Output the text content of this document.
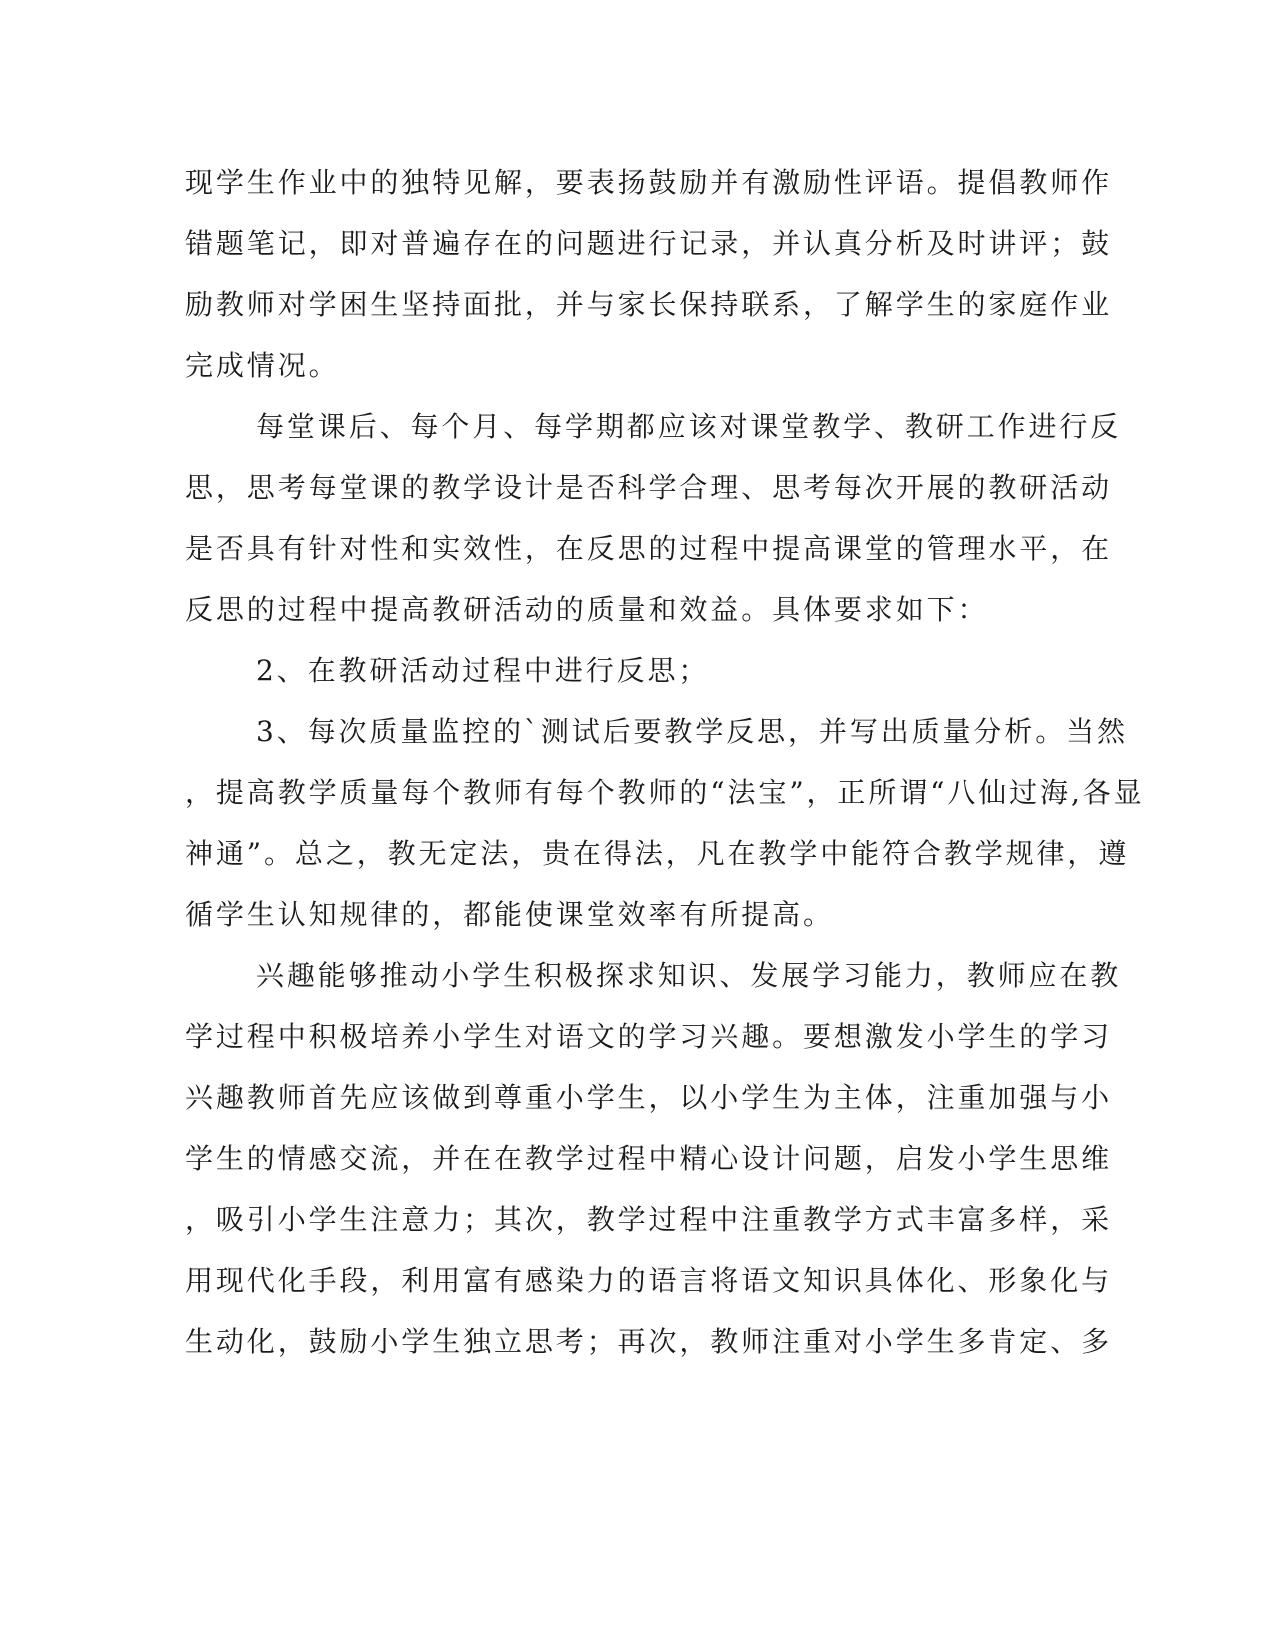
现学生作业中的独特见解，要表扬鼓励并有激励性评语。提倡教师作
错题笔记，即对普遍存在的问题进行记录，并认真分析及时讲评；鼓
励教师对学困生坚持面批，并与家长保持联系，了解学生的家庭作业
完成情况。
每堂课后、每个月、每学期都应该对课堂教学、教研工作进行反
思，思考每堂课的教学设计是否科学合理、思考每次开展的教研活动
是否具有针对性和实效性，在反思的过程中提高课堂的管理水平，在
反思的过程中提高教研活动的质量和效益。具体要求如下：
2、在教研活动过程中进行反思；
3、每次质量监控的`测试后要教学反思，并写出质量分析。当然
，提高教学质量每个教师有每个教师的“法宝”，正所谓“八仙过海,各显
神通”。总之，教无定法，贵在得法，凡在教学中能符合教学规律，遵
循学生认知规律的，都能使课堂效率有所提高。
兴趣能够推动小学生积极探求知识、发展学习能力，教师应在教
学过程中积极培养小学生对语文的学习兴趣。要想激发小学生的学习
兴趣教师首先应该做到尊重小学生，以小学生为主体，注重加强与小
学生的情感交流，并在在教学过程中精心设计问题，启发小学生思维
，吸引小学生注意力；其次，教学过程中注重教学方式丰富多样，采
用现代化手段，利用富有感染力的语言将语文知识具体化、形象化与
生动化，鼓励小学生独立思考；再次，教师注重对小学生多肯定、多
